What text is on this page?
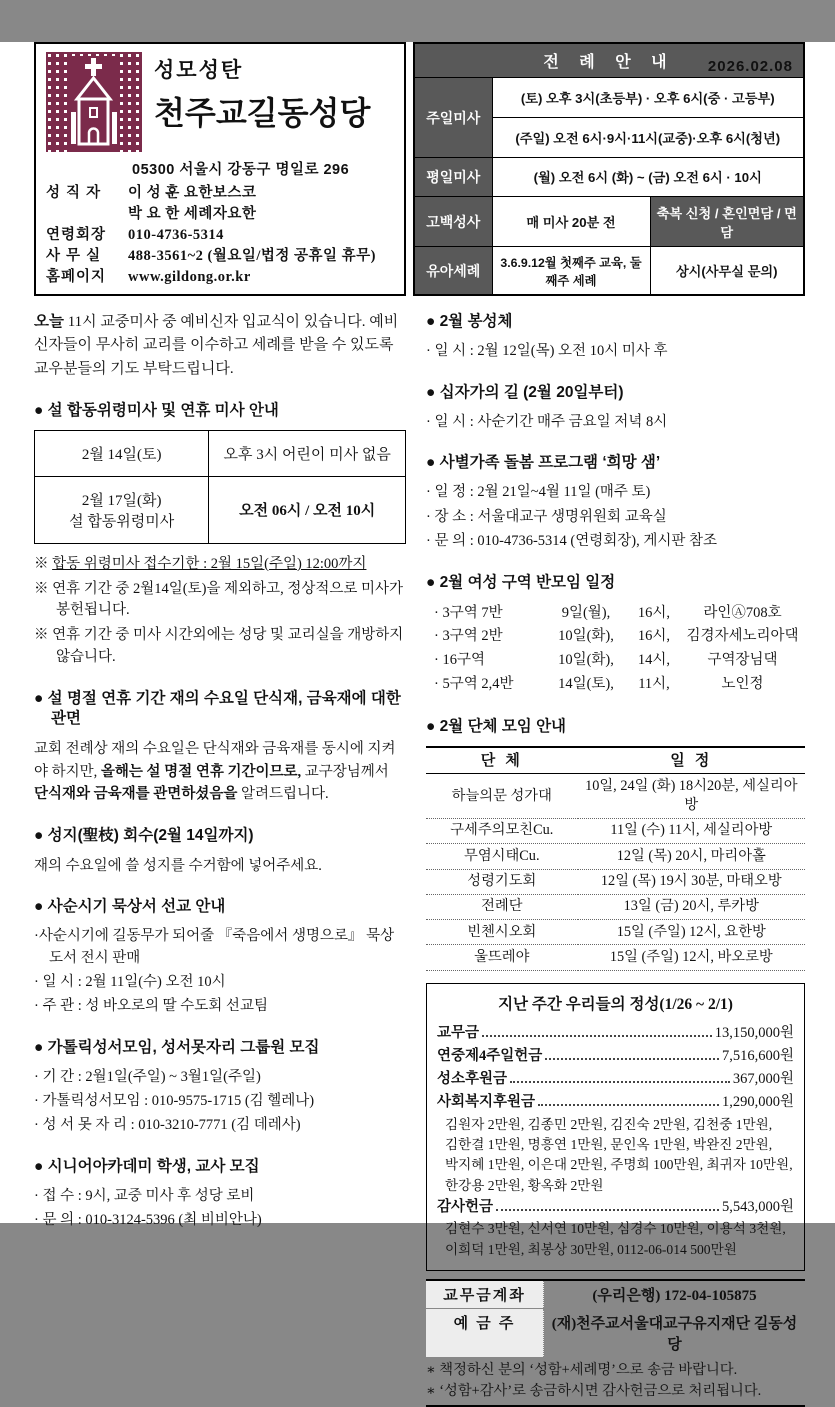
2026.02.08
성모성탄
천주교길동성당
05300 서울시 강동구 명일로 296
성 직 자	이 성 훈 요한보스코
박 요 한 세례자요한
연령회장	010-4736-5314
사 무 실	488-3561~2 (월요일/법정 공휴일 휴무)
홈페이지	www.gildong.or.kr
전 례 안 내		
주일미사	(토) 오후 3시(초등부) · 오후 6시(중 · 고등부)	
	(주일) 오전 6시·9시·11시(교중)·오후 6시(청년)	
평일미사	(월) 오전 6시 (화) ~ (금) 오전 6시 · 10시	
고백성사	매 미사 20분 전	축복 신청 / 혼인면담 / 면담
유아세례	3.6.9.12월 첫째주 교육, 둘째주 세례	상시(사무실 문의)

오늘 11시 교중미사 중 예비신자 입교식이 있습니다. 예비신자들이 무사히 교리를 이수하고 세례를 받을 수 있도록 교우분들의 기도 부탁드립니다.

● 설 합동위령미사 및 연휴 미사 안내
2월 14일(토)	오후 3시 어린이 미사 없음

2월 17일(화)
설 합동위령미사	오전 06시 / 오전 10시
※ 합동 위령미사 접수기한 : 2월 15일(주일) 12:00까지
※ 연휴 기간 중 2월14일(토)을 제외하고, 정상적으로 미사가 봉헌됩니다.
※ 연휴 기간 중 미사 시간외에는 성당 및 교리실을 개방하지 않습니다.
● 설 명절 연휴 기간 재의 수요일 단식재, 금육재에 대한 관면

교회 전례상 재의 수요일은 단식재와 금육재를 동시에 지켜야 하지만, 올해는 설 명절 연휴 기간이므로, 교구장님께서 단식재와 금육재를 관면하셨음을 알려드립니다.

● 성지(聖枝) 회수(2월 14일까지)

재의 수요일에 쓸 성지를 수거함에 넣어주세요.

● 사순시기 묵상서 선교 안내
·사순시기에 길동무가 되어줄 『죽음에서 생명으로』 묵상도서 전시 판매
· 일 시 : 2월 11일(수) 오전 10시
· 주 관 : 성 바오로의 딸 수도회 선교팀
● 가톨릭성서모임, 성서못자리 그룹원 모집
· 기 간 : 2월1일(주일) ~ 3월1일(주일)
· 가톨릭성서모임 : 010-9575-1715 (김 헬레나)
· 성 서 못 자 리 : 010-3210-7771 (김 데레사)
● 시니어아카데미 학생, 교사 모집
· 접 수 : 9시, 교중 미사 후 성당 로비
· 문 의 : 010-3124-5396 (최 비비안나)
● 2월 봉성체
· 일 시 : 2월 12일(목) 오전 10시 미사 후
● 십자가의 길 (2월 20일부터)
· 일 시 : 사순기간 매주 금요일 저녁 8시
● 사별가족 돌봄 프로그램 ‘희망 샘’
· 일 정 : 2월 21일~4월 11일 (매주 토)
· 장 소 : 서울대교구 생명위원회 교육실
· 문 의 : 010-4736-5314 (연령회장), 게시판 참조
● 2월 여성 구역 반모임 일정
· 3구역 7반	9일(월),	16시,	라인Ⓐ708호
· 3구역 2반	10일(화),	16시,	김경자세노리아댁
· 16구역	10일(화),	14시,	구역장님댁
· 5구역 2,4반	14일(토),	11시,	노인정
● 2월 단체 모임 안내
단 체	일 정
하늘의문 성가대	10일, 24일 (화) 18시20분, 세실리아방
구세주의모친Cu.	11일 (수) 11시, 세실리아방
무염시태Cu.	12일 (목) 20시, 마리아홀
성령기도회	12일 (목) 19시 30분, 마태오방
전례단	13일 (금) 20시, 루카방
빈첸시오회	15일 (주일) 12시, 요한방
울뜨레야	15일 (주일) 12시, 바오로방
지난 주간 우리들의 정성(1/26 ~ 2/1)
교무금	13,150,000원
연중제4주일헌금	7,516,600원
성소후원금	367,000원
사회복지후원금	1,290,000원
김원자 2만원, 김종민 2만원, 김진숙 2만원, 김천중 1만원,
김한결 1만원, 명흥연 1만원, 문인옥 1만원, 박완진 2만원,
박지혜 1만원, 이은대 2만원, 주명희 100만원, 최귀자 10만원,
한강용 2만원, 황옥화 2만원
감사헌금	5,543,000원
김현수 3만원, 신서연 10만원, 심경수 10만원, 이용석 3천원,
이희덕 1만원, 최봉상 30만원, 0112-06-014 500만원
교무금계좌	(우리은행) 172-04-105875
예 금 주	(재)천주교서울대교구유지재단 길동성당
∗ 책정하신 분의 ‘성함+세례명’으로 송금 바랍니다.
∗ ‘성함+감사’로 송금하시면 감사헌금으로 처리됩니다.
